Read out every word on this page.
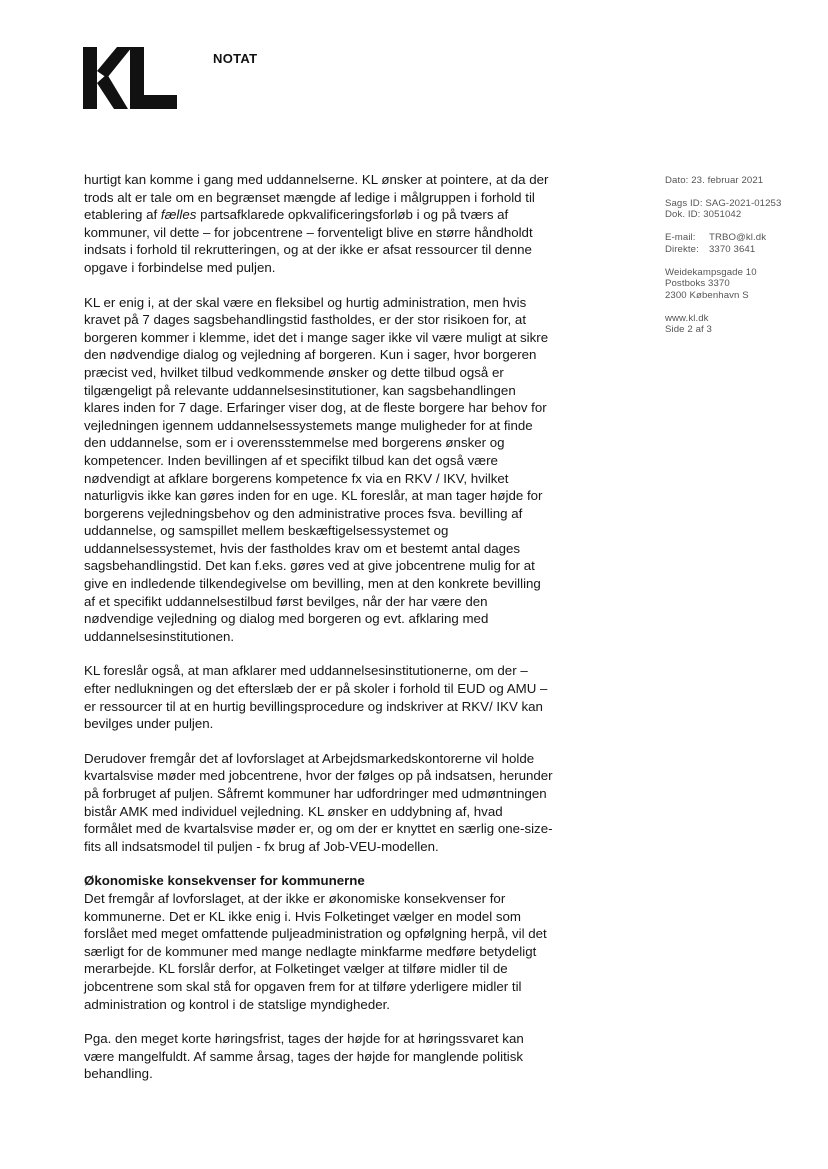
NOTAT
Dato: 23. februar 2021
Sags ID: SAG-2021-01253
Dok. ID: 3051042
E-mail: TRBO@kl.dk
Direkte: 3370 3641
Weidekampsgade 10
Postboks 3370
2300 København S
www.kl.dk
Side 2 af 3

hurtigt kan komme i gang med uddannelserne. KL ønsker at pointere, at da der trods alt er tale om en begrænset mængde af ledige i målgruppen i forhold til etablering af fælles partsafklarede opkvalificeringsforløb i og på tværs af kommuner, vil dette – for jobcentrene – forventeligt blive en større håndholdt indsats i forhold til rekrutteringen, og at der ikke er afsat ressourcer til denne opgave i forbindelse med puljen.

KL er enig i, at der skal være en fleksibel og hurtig administration, men hvis kravet på 7 dages sagsbehandlingstid fastholdes, er der stor risikoen for, at borgeren kommer i klemme, idet det i mange sager ikke vil være muligt at sikre den nødvendige dialog og vejledning af borgeren. Kun i sager, hvor borgeren præcist ved, hvilket tilbud vedkommende ønsker og dette tilbud også er tilgængeligt på relevante uddannelsesinstitutioner, kan sagsbehandlingen klares inden for 7 dage. Erfaringer viser dog, at de fleste borgere har behov for vejledningen igennem uddannelsessystemets mange muligheder for at finde den uddannelse, som er i overensstemmelse med borgerens ønsker og kompetencer. Inden bevillingen af et specifikt tilbud kan det også være nødvendigt at afklare borgerens kompetence fx via en RKV / IKV, hvilket naturligvis ikke kan gøres inden for en uge. KL foreslår, at man tager højde for borgerens vejledningsbehov og den administrative proces fsva. bevilling af uddannelse, og samspillet mellem beskæftigelsessystemet og uddannelsessystemet, hvis der fastholdes krav om et bestemt antal dages sagsbehandlingstid. Det kan f.eks. gøres ved at give jobcentrene mulig for at give en indledende tilkendegivelse om bevilling, men at den konkrete bevilling af et specifikt uddannelsestilbud først bevilges, når der har være den nødvendige vejledning og dialog med borgeren og evt. afklaring med uddannelsesinstitutionen.

KL foreslår også, at man afklarer med uddannelsesinstitutionerne, om der – efter nedlukningen og det efterslæb der er på skoler i forhold til EUD og AMU – er ressourcer til at en hurtig bevillingsprocedure og indskriver at RKV/ IKV kan bevilges under puljen.

Derudover fremgår det af lovforslaget at Arbejdsmarkedskontorerne vil holde kvartalsvise møder med jobcentrene, hvor der følges op på indsatsen, herunder på forbruget af puljen. Såfremt kommuner har udfordringer med udmøntningen bistår AMK med individuel vejledning. KL ønsker en uddybning af, hvad formålet med de kvartalsvise møder er, og om der er knyttet en særlig one-size-fits all indsatsmodel til puljen - fx brug af Job-VEU-modellen.

Økonomiske konsekvenser for kommunerne

Det fremgår af lovforslaget, at der ikke er økonomiske konsekvenser for kommunerne. Det er KL ikke enig i. Hvis Folketinget vælger en model som forslået med meget omfattende puljeadministration og opfølgning herpå, vil det særligt for de kommuner med mange nedlagte minkfarme medføre betydeligt merarbejde. KL forslår derfor, at Folketinget vælger at tilføre midler til de jobcentrene som skal stå for opgaven frem for at tilføre yderligere midler til administration og kontrol i de statslige myndigheder.

Pga. den meget korte høringsfrist, tages der højde for at høringssvaret kan være mangelfuldt. Af samme årsag, tages der højde for manglende politisk behandling.
